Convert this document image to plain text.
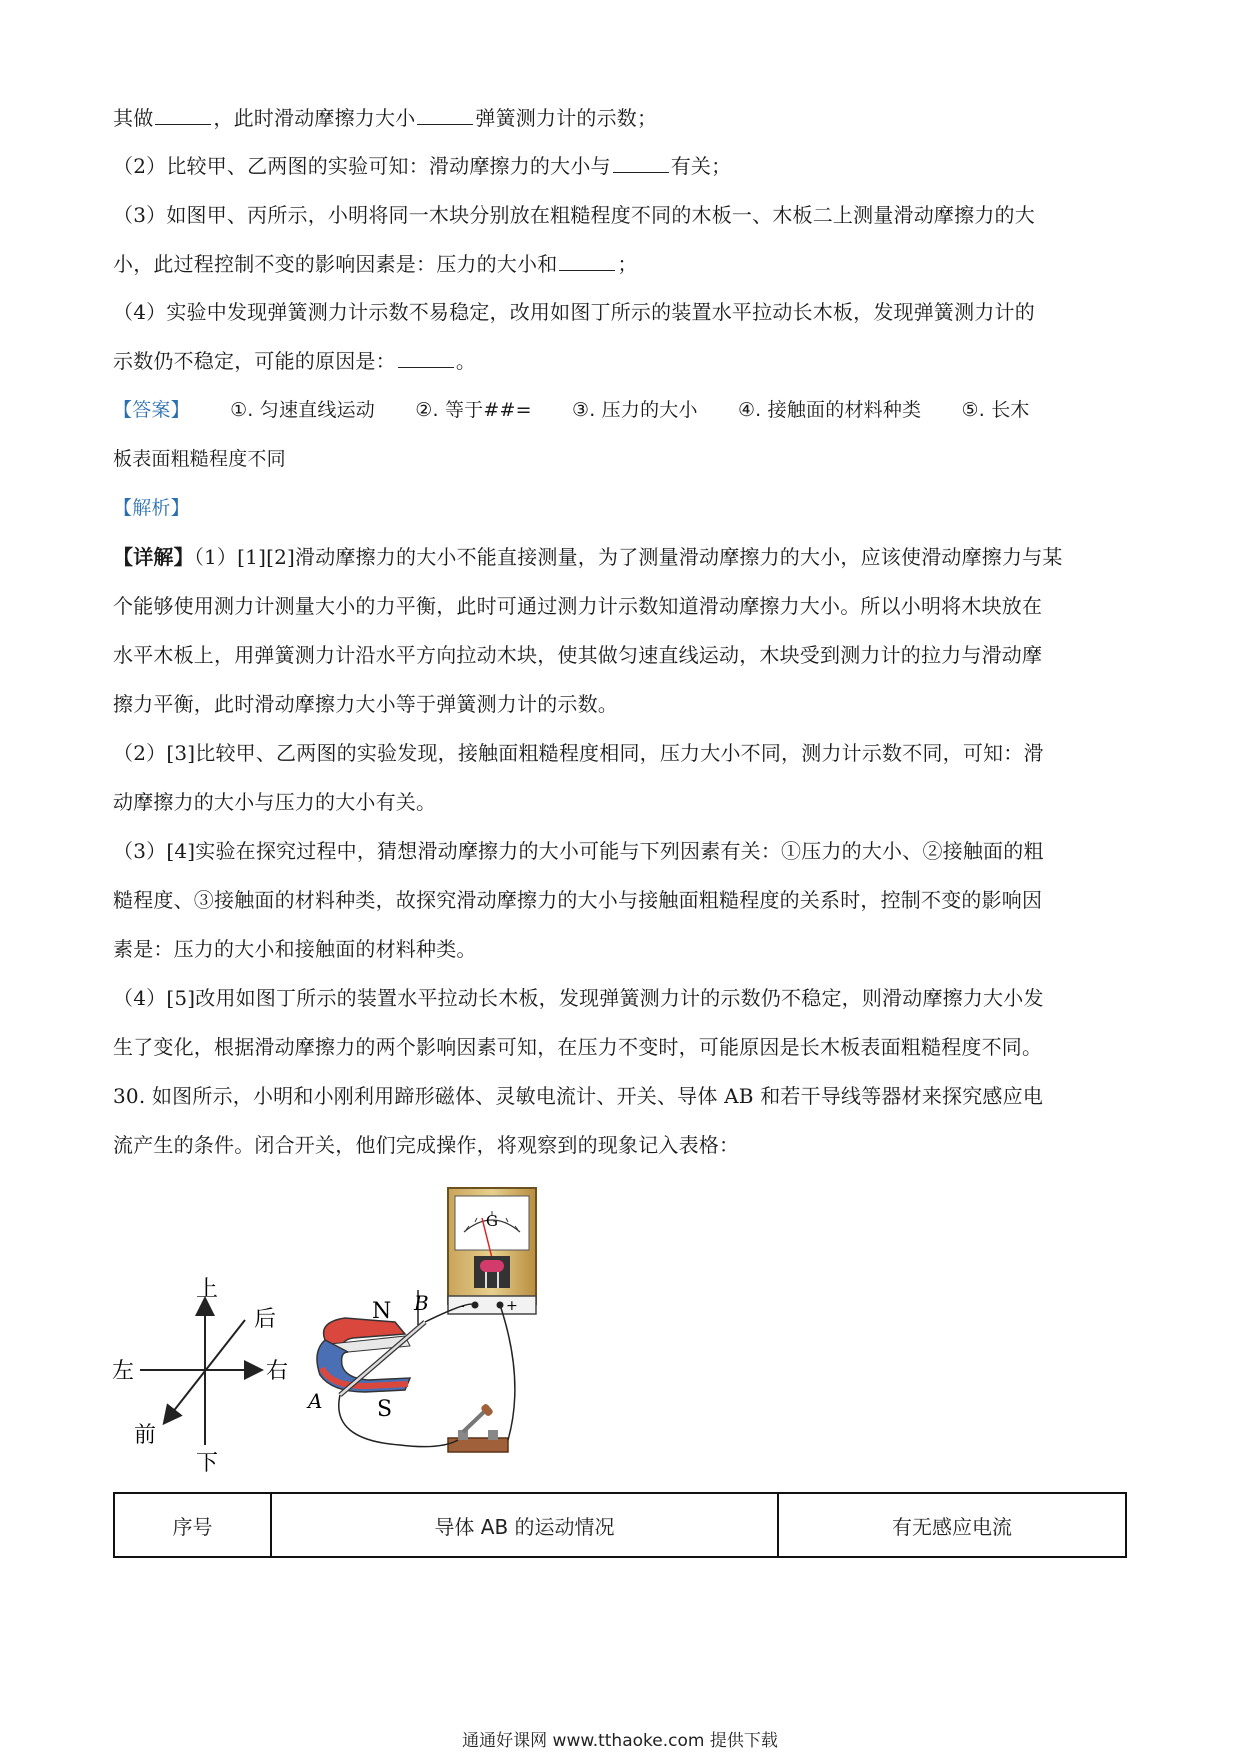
其做	，此时滑动摩擦力大小	弹簧测力计的示数；
（2）比较甲、乙两图的实验可知：滑动摩擦力的大小与	有关；
（3）如图甲、丙所示，小明将同一木块分别放在粗糙程度不同的木板一、木板二上测量滑动摩擦力的大
小，此过程控制不变的影响因素是：压力的大小和	；
（4）实验中发现弹簧测力计示数不易稳定，改用如图丁所示的装置水平拉动长木板，发现弹簧测力计的
示数仍不稳定，可能的原因是：	。
【答案】 ①. 匀速直线运动 ②. 等于##= ③. 压力的大小 ④. 接触面的材料种类 ⑤. 长木
板表面粗糙程度不同
【解析】
【详解】（1）[1][2]滑动摩擦力的大小不能直接测量，为了测量滑动摩擦力的大小，应该使滑动摩擦力与某
个能够使用测力计测量大小的力平衡，此时可通过测力计示数知道滑动摩擦力大小。所以小明将木块放在
水平木板上，用弹簧测力计沿水平方向拉动木块，使其做匀速直线运动，木块受到测力计的拉力与滑动摩
擦力平衡，此时滑动摩擦力大小等于弹簧测力计的示数。
（2）[3]比较甲、乙两图的实验发现，接触面粗糙程度相同，压力大小不同，测力计示数不同，可知：滑
动摩擦力的大小与压力的大小有关。
（3）[4]实验在探究过程中，猜想滑动摩擦力的大小可能与下列因素有关：①压力的大小、②接触面的粗
糙程度、③接触面的材料种类，故探究滑动摩擦力的大小与接触面粗糙程度的关系时，控制不变的影响因
素是：压力的大小和接触面的材料种类。
（4）[5]改用如图丁所示的装置水平拉动长木板，发现弹簧测力计的示数仍不稳定，则滑动摩擦力大小发
生了变化，根据滑动摩擦力的两个影响因素可知，在压力不变时，可能原因是长木板表面粗糙程度不同。
30. 如图所示，小明和小刚利用蹄形磁体、灵敏电流计、开关、导体 AB 和若干导线等器材来探究感应电
流产生的条件。闭合开关，他们完成操作，将观察到的现象记入表格：
上
下
左	右
后
前
N
S
B
A
G
-	+
序号	导体 AB 的运动情况	有无感应电流
通通好课网 www.tthaoke.com 提供下载
